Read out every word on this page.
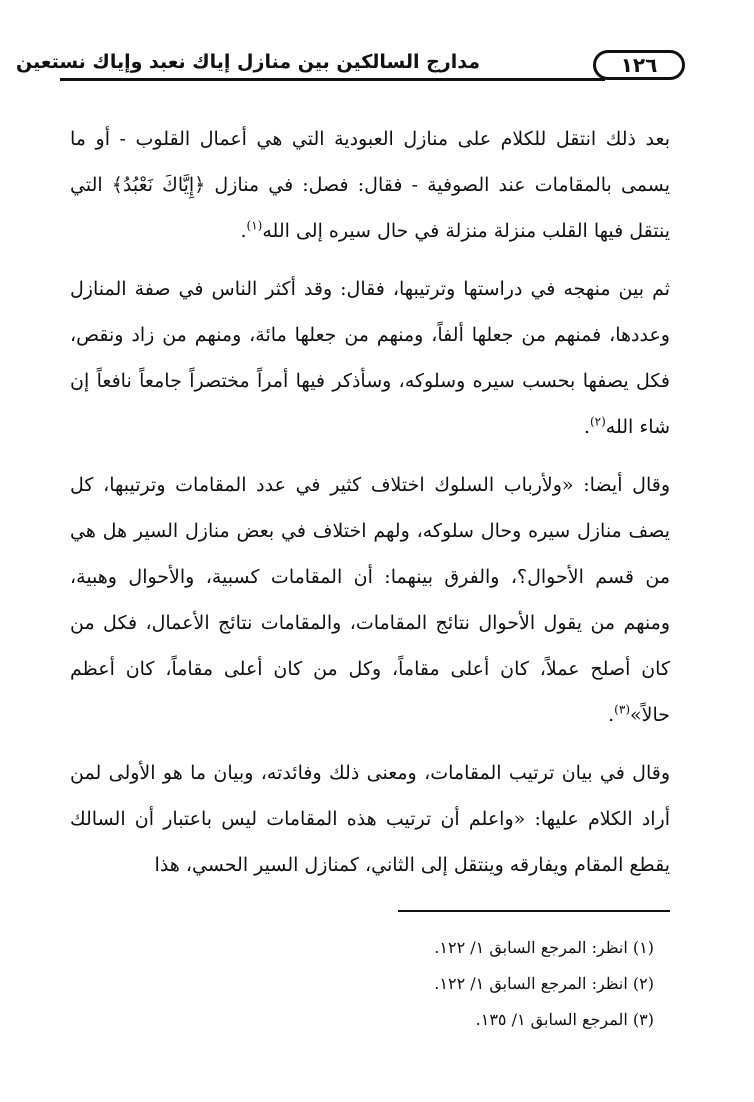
مدارج السالكين بين منازل إياك نعبد وإياك نستعين	١٢٦

بعد ذلك انتقل للكلام على منازل العبودية التي هي أعمال القلوب - أو ما يسمى بالمقامات عند الصوفية - فقال: فصل: في منازل ﴿إِيَّاكَ نَعْبُدُ﴾ التي ينتقل فيها القلب منزلة منزلة في حال سيره إلى الله$^{(١)}$.

ثم بين منهجه في دراستها وترتيبها، فقال: وقد أكثر الناس في صفة المنازل وعددها، فمنهم من جعلها ألفاً، ومنهم من جعلها مائة، ومنهم من زاد ونقص، فكل يصفها بحسب سيره وسلوكه، وسأذكر فيها أمراً مختصراً جامعاً نافعاً إن شاء الله$^{(٢)}$.

وقال أيضا: «ولأرباب السلوك اختلاف كثير في عدد المقامات وترتيبها، كل يصف منازل سيره وحال سلوكه، ولهم اختلاف في بعض منازل السير هل هي من قسم الأحوال؟، والفرق بينهما: أن المقامات كسبية، والأحوال وهبية، ومنهم من يقول الأحوال نتائج المقامات، والمقامات نتائج الأعمال، فكل من كان أصلح عملاً، كان أعلى مقاماً، وكل من كان أعلى مقاماً، كان أعظم حالاً»$^{(٣)}$.

وقال في بيان ترتيب المقامات، ومعنى ذلك وفائدته، وبيان ما هو الأولى لمن أراد الكلام عليها: «واعلم أن ترتيب هذه المقامات ليس باعتبار أن السالك يقطع المقام ويفارقه وينتقل إلى الثاني، كمنازل السير الحسي، هذا

(١) انظر: المرجع السابق ١/ ١٢٢.
(٢) انظر: المرجع السابق ١/ ١٢٢.
(٣) المرجع السابق ١/ ١٣٥.
